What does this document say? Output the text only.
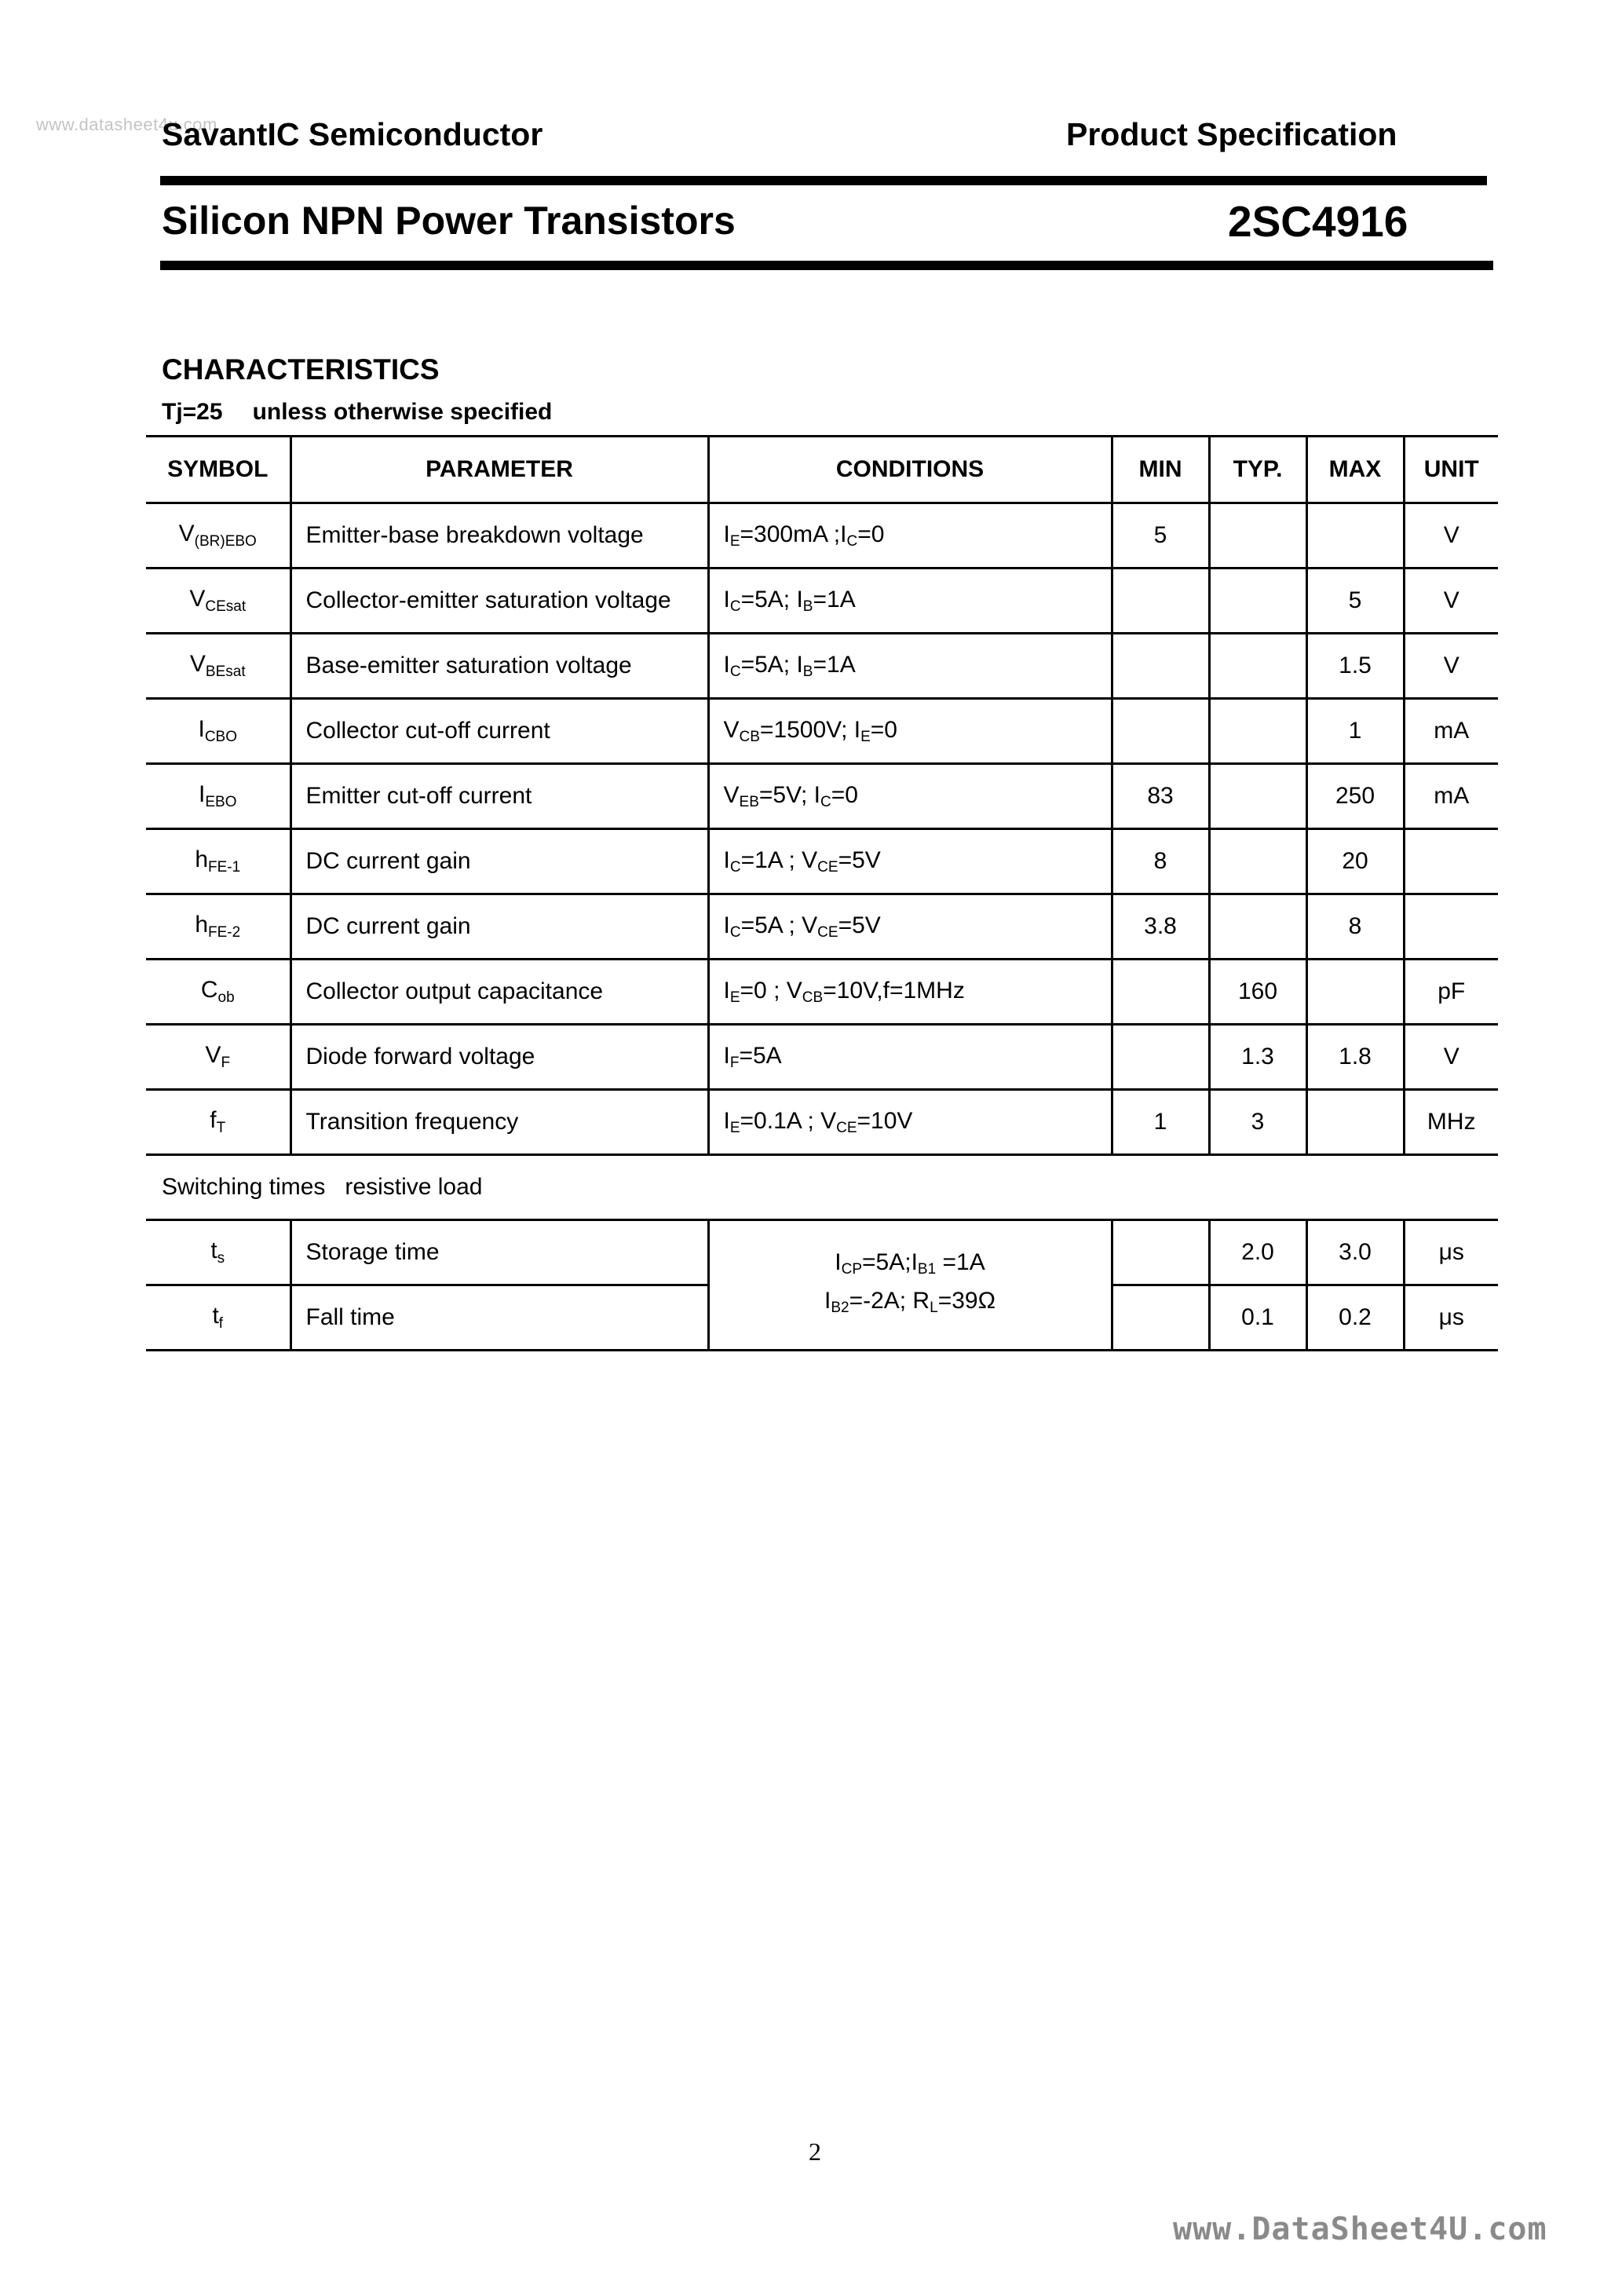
www.datasheet4u.com
SavantIC Semiconductor	Product Specification
Silicon NPN Power Transistors	2SC4916
CHARACTERISTICS
Tj=25 unless otherwise specified
SYMBOL	PARAMETER	CONDITIONS	MIN	TYP.	MAX	UNIT
$V_{(BR)EBO}$	Emitter-base breakdown voltage	IE=300mA ;IC=0	5			V
$V_{CEsat}$	Collector-emitter saturation voltage	IC=5A; IB=1A			5	V
$V_{BEsat}$	Base-emitter saturation voltage	IC=5A; IB=1A			1.5	V
$I_{CBO}$	Collector cut-off current	VCB=1500V; IE=0			1	mA
$I_{EBO}$	Emitter cut-off current	VEB=5V; IC=0	83		250	mA
$h_{FE-1}$	DC current gain	IC=1A ; VCE=5V	8		20	
$h_{FE-2}$	DC current gain	IC=5A ; VCE=5V	3.8		8	
$C_{ob}$	Collector output capacitance	IE=0 ; VCB=10V,f=1MHz		160		pF
$V_F$	Diode forward voltage	IF=5A		1.3	1.8	V
$f_T$	Transition frequency	IE=0.1A ; VCE=10V	1	3		MHz
Switching times   resistive load						
$t_s$	Storage time	ICP=5A;IB1 =1A
IB2=-2A; RL=39Ω		2.0	3.0	μs
$t_f$	Fall time			0.1	0.2	μs
2
www.DataSheet4U.com
